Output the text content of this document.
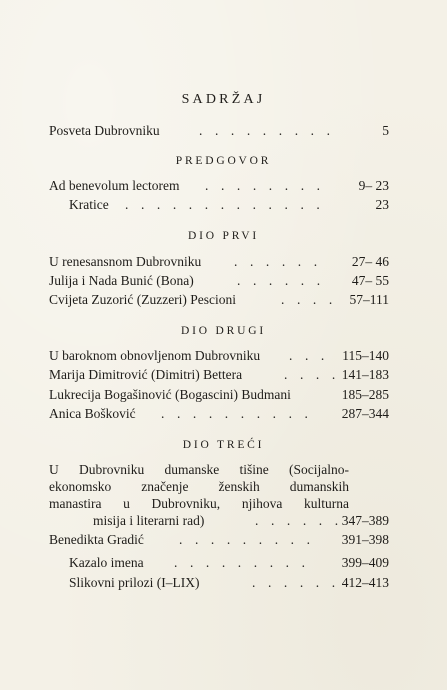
SADRŽAJ
Posveta Dubrovniku	. . . . . . . . .	5
PREDGOVOR
Ad benevolum lectorem . . . . . . . .	9– 23
Kratice . . . . . . . . . . . . .	23
DIO PRVI
U renesansnom Dubrovniku . . . . . . 27– 46
Julija i Nada Bunić (Bona)	. . . . . . 47– 55
Cvijeta Zuzorić (Zuzzeri) Pescioni	. . . . 57–111
DIO DRUGI
U baroknom obnovljenom Dubrovniku . . . 115–140
Marija Dimitrović (Dimitri) Bettera	. . . . 141–183
Lukrecija Bogašinović (Bogascini) Budmani	185–285
Anica Bošković . . . . . . . . . . 287–344
DIO TREĆI
U Dubrovniku dumanske tišine (Socijalno-
ekonomsko značenje ženskih dumanskih
manastira u Dubrovniku, njihova kulturna
misija i literarni rad)	. . . . . . 347–389
Benedikta Gradić	. . . . . . . . . 391–398
Kazalo imena . . . . . . . . . 399–409
Slikovni prilozi (I–LIX)	. . . . . . 412–413
